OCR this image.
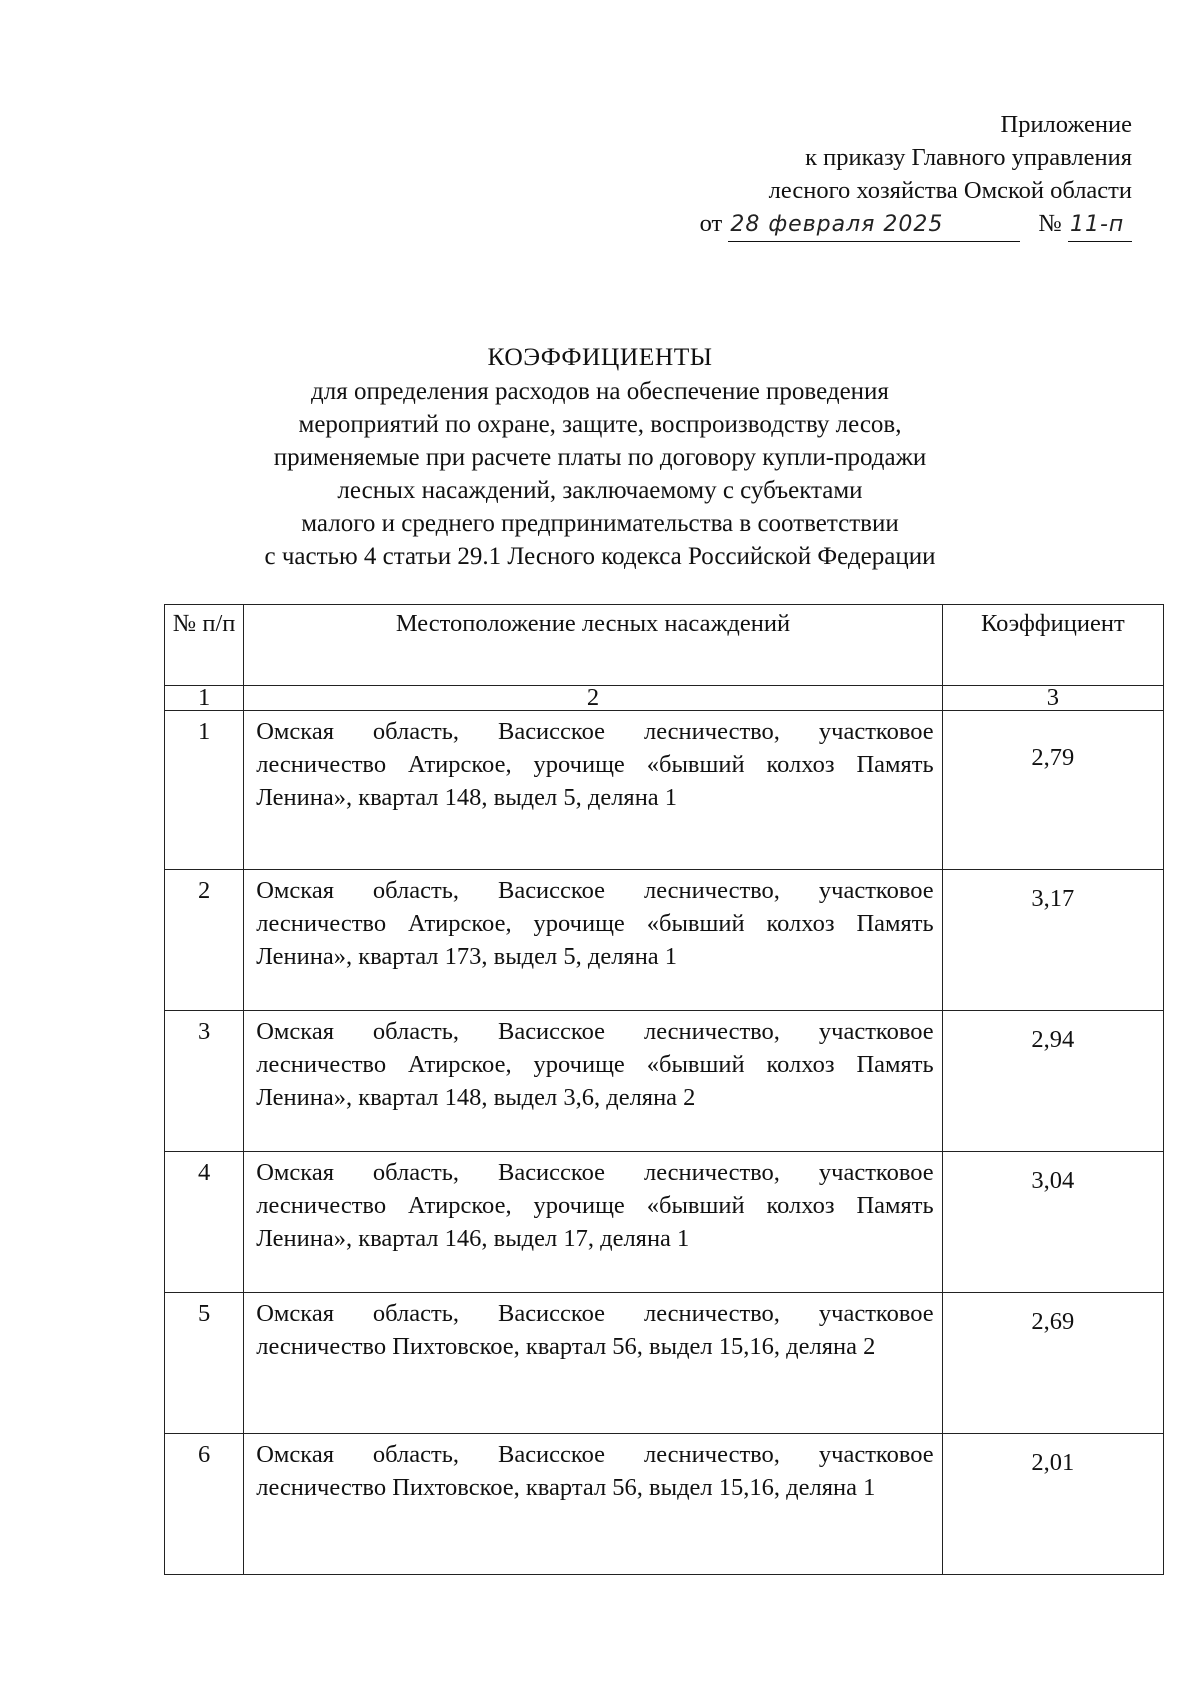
Приложение
к приказу Главного управления
лесного хозяйства Омской области
от 28 февраля 2025	№ 11-п
КОЭФФИЦИЕНТЫ
для определения расходов на обеспечение проведения
мероприятий по охране, защите, воспроизводству лесов,
применяемые при расчете платы по договору купли-продажи
лесных насаждений, заключаемому с субъектами
малого и среднего предпринимательства в соответствии
с частью 4 статьи 29.1 Лесного кодекса Российской Федерации
№ п/п	Местоположение лесных насаждений	Коэффициент
1	2	3
1	Омская область, Васисское лесничество, участковое лесничество Атирское, урочище «бывший колхоз Память Ленина», квартал 148, выдел 5, деляна 1	2,79
2	Омская область, Васисское лесничество, участковое лесничество Атирское, урочище «бывший колхоз Память Ленина», квартал 173, выдел 5, деляна 1	3,17
3	Омская область, Васисское лесничество, участковое лесничество Атирское, урочище «бывший колхоз Память Ленина», квартал 148, выдел 3,6, деляна 2	2,94
4	Омская область, Васисское лесничество, участковое лесничество Атирское, урочище «бывший колхоз Память Ленина», квартал 146, выдел 17, деляна 1	3,04
5	Омская область, Васисское лесничество, участковое лесничество Пихтовское, квартал 56, выдел 15,16, деляна 2	2,69
6	Омская область, Васисское лесничество, участковое лесничество Пихтовское, квартал 56, выдел 15,16, деляна 1	2,01
